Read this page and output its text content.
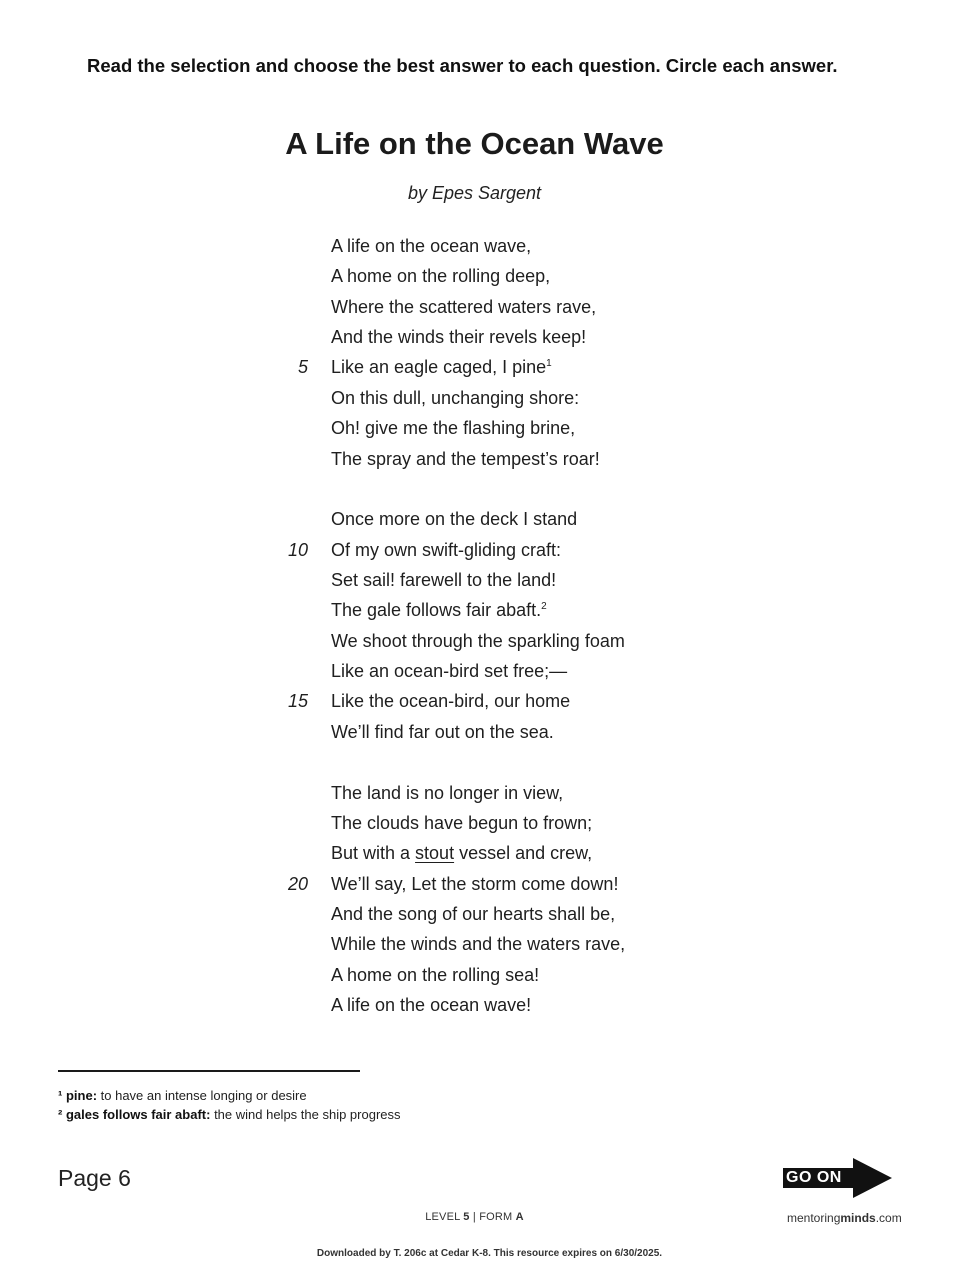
Read the selection and choose the best answer to each question. Circle each answer.
A Life on the Ocean Wave
by Epes Sargent
A life on the ocean wave,
A home on the rolling deep,
Where the scattered waters rave,
And the winds their revels keep!
5 Like an eagle caged, I pine$^1$
On this dull, unchanging shore:
Oh! give me the flashing brine,
The spray and the tempest’s roar!
Once more on the deck I stand
10 Of my own swift-gliding craft:
Set sail! farewell to the land!
The gale follows fair abaft.$^2$
We shoot through the sparkling foam
Like an ocean-bird set free;—
15 Like the ocean-bird, our home
We’ll find far out on the sea.
The land is no longer in view,
The clouds have begun to frown;
But with a stout vessel and crew,
20 We’ll say, Let the storm come down!
And the song of our hearts shall be,
While the winds and the waters rave,
A home on the rolling sea!
A life on the ocean wave!
¹ pine: to have an intense longing or desire
² gales follows fair abaft: the wind helps the ship progress
Page 6	GO ON
LEVEL 5 | FORM A	mentoringminds.com
Downloaded by T. 206c at Cedar K-8. This resource expires on 6/30/2025.
